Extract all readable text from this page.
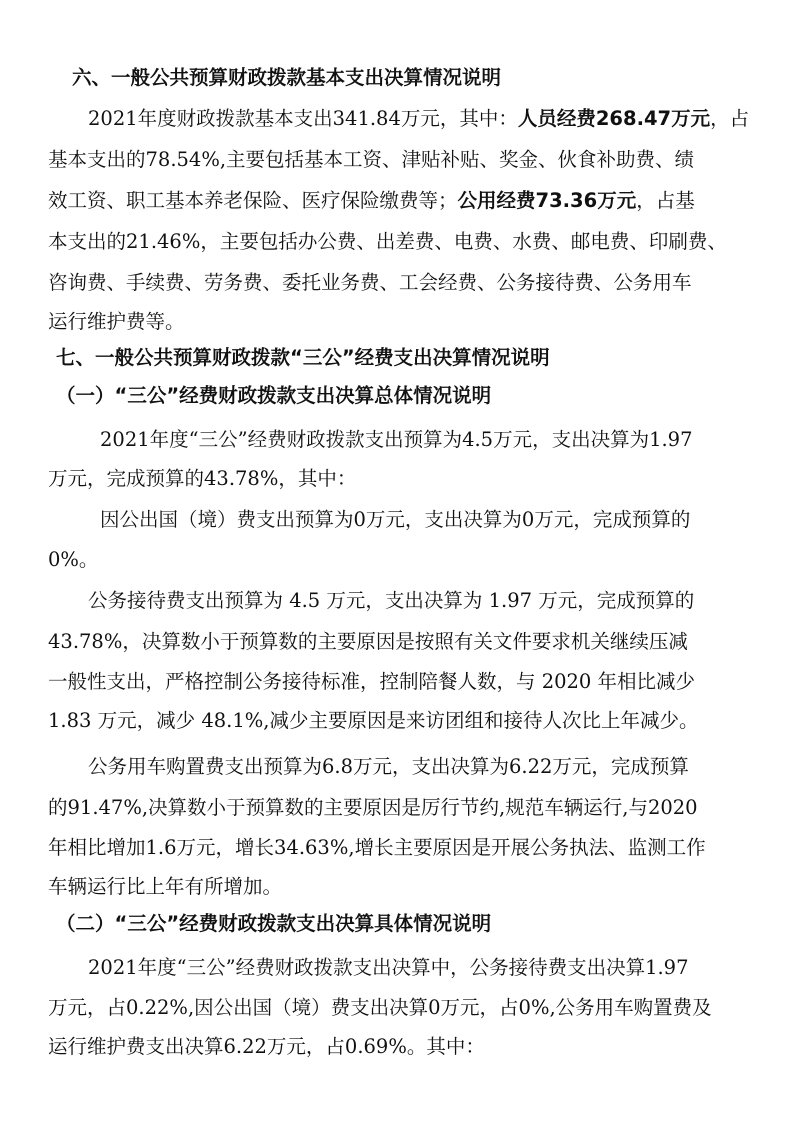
六、一般公共预算财政拨款基本支出决算情况说明
2021年度财政拨款基本支出341.84万元，其中：人员经费268.47万元，占
基本支出的78.54%,主要包括基本工资、津贴补贴、奖金、伙食补助费、绩
效工资、职工基本养老保险、医疗保险缴费等；公用经费73.36万元，占基
本支出的21.46%，主要包括办公费、出差费、电费、水费、邮电费、印刷费、
咨询费、手续费、劳务费、委托业务费、工会经费、公务接待费、公务用车
运行维护费等。
七、一般公共预算财政拨款“三公”经费支出决算情况说明
（一）“三公”经费财政拨款支出决算总体情况说明
2021年度“三公”经费财政拨款支出预算为4.5万元，支出决算为1.97
万元，完成预算的43.78%，其中：
因公出国（境）费支出预算为0万元，支出决算为0万元，完成预算的
0%。
公务接待费支出预算为 4.5 万元，支出决算为 1.97 万元，完成预算的
43.78%，决算数小于预算数的主要原因是按照有关文件要求机关继续压减
一般性支出，严格控制公务接待标准，控制陪餐人数，与 2020 年相比减少
1.83 万元，减少 48.1%,减少主要原因是来访团组和接待人次比上年减少。
公务用车购置费支出预算为6.8万元，支出决算为6.22万元，完成预算
的91.47%,决算数小于预算数的主要原因是厉行节约,规范车辆运行,与2020
年相比增加1.6万元，增长34.63%,增长主要原因是开展公务执法、监测工作
车辆运行比上年有所增加。
（二）“三公”经费财政拨款支出决算具体情况说明
2021年度“三公”经费财政拨款支出决算中，公务接待费支出决算1.97
万元，占0.22%,因公出国（境）费支出决算0万元，占0%,公务用车购置费及
运行维护费支出决算6.22万元，占0.69%。其中：
